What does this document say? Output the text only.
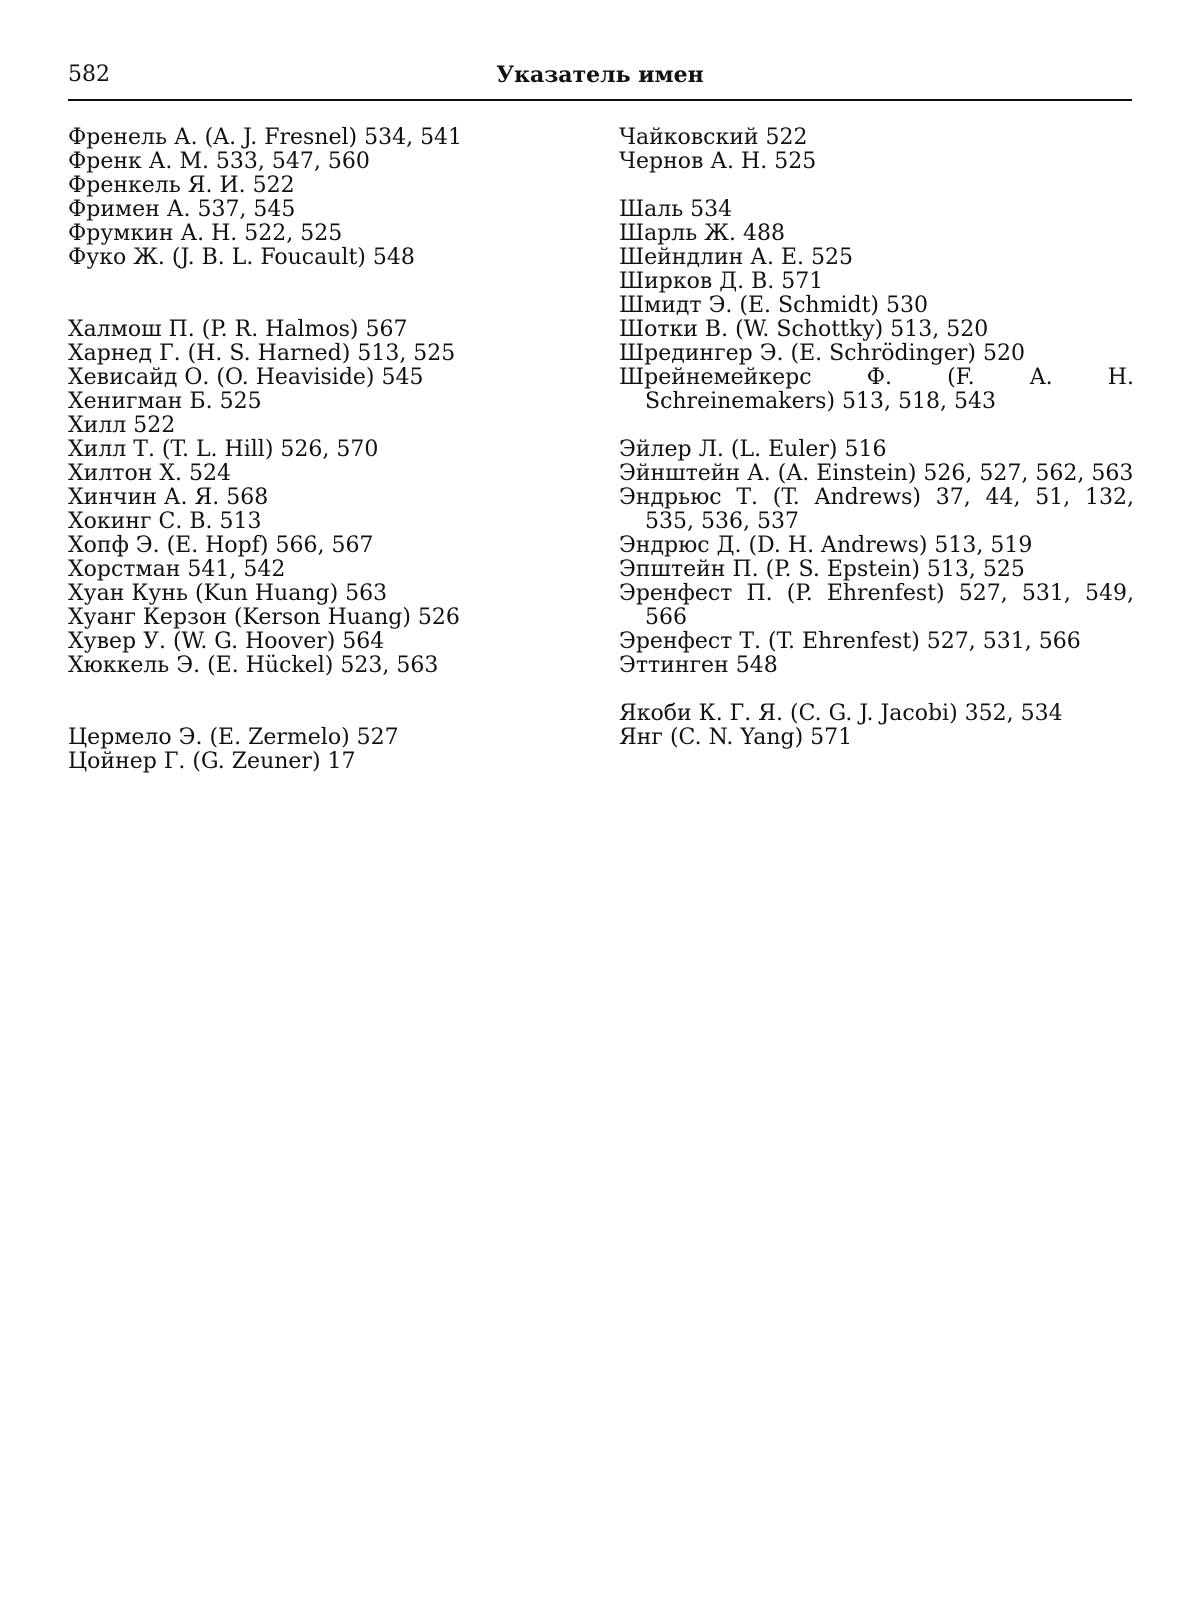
582	Указатель имен
Френель А. (A. J. Fresnel) 534, 541
Френк А. М. 533, 547, 560
Френкель Я. И. 522
Фримен А. 537, 545
Фрумкин А. Н. 522, 525
Фуко Ж. (J. B. L. Foucault) 548
Халмош П. (P. R. Halmos) 567
Харнед Г. (H. S. Harned) 513, 525
Хевисайд О. (O. Heaviside) 545
Хенигман Б. 525
Хилл 522
Хилл Т. (T. L. Hill) 526, 570
Хилтон Х. 524
Хинчин А. Я. 568
Хокинг С. В. 513
Хопф Э. (E. Hopf) 566, 567
Хорстман 541, 542
Хуан Кунь (Kun Huang) 563
Хуанг Керзон (Kerson Huang) 526
Хувер У. (W. G. Hoover) 564
Хюккель Э. (E. Hückel) 523, 563
Цермело Э. (E. Zermelo) 527
Цойнер Г. (G. Zeuner) 17
Чайковский 522
Чернов А. Н. 525
Шаль 534
Шарль Ж. 488
Шейндлин А. Е. 525
Ширков Д. В. 571
Шмидт Э. (E. Schmidt) 530
Шотки В. (W. Schottky) 513, 520
Шредингер Э. (E. Schrödinger) 520
Шрейнемейкерс Ф. (F. A. H. Schreinemakers) 513, 518, 543
Эйлер Л. (L. Euler) 516
Эйнштейн А. (A. Einstein) 526, 527, 562, 563
Эндрьюс Т. (T. Andrews) 37, 44, 51, 132, 535, 536, 537
Эндрюс Д. (D. H. Andrews) 513, 519
Эпштейн П. (P. S. Epstein) 513, 525
Эренфест П. (P. Ehrenfest) 527, 531, 549, 566
Эренфест Т. (T. Ehrenfest) 527, 531, 566
Эттинген 548
Якоби К. Г. Я. (C. G. J. Jacobi) 352, 534
Янг (C. N. Yang) 571
